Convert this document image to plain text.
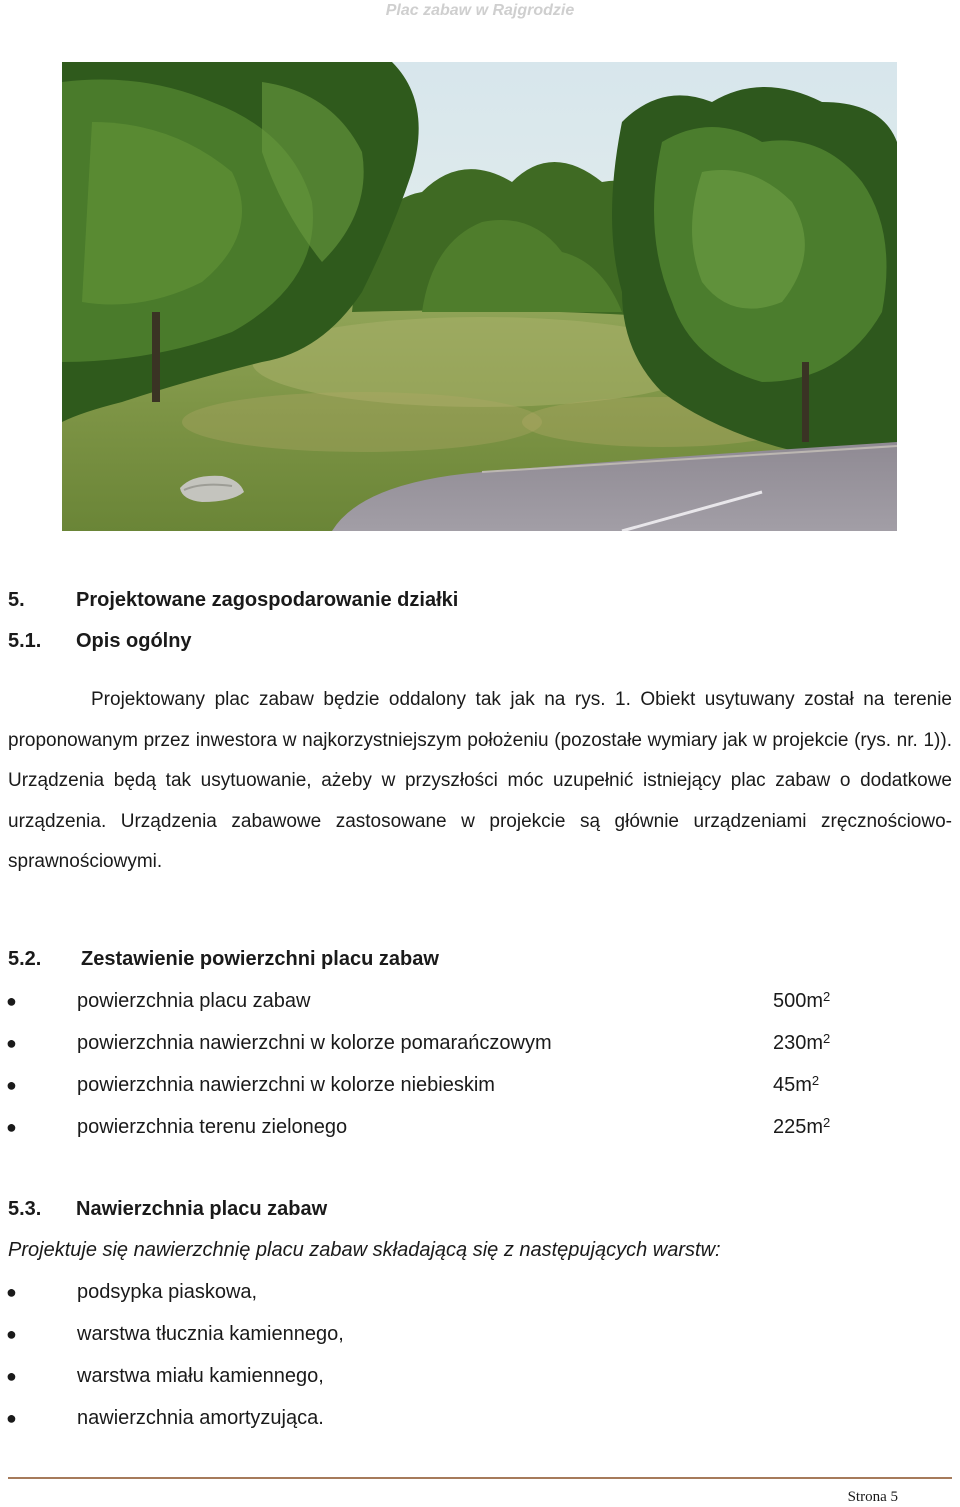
Plac zabaw w Rajgrodzie
5.	Projektowane zagospodarowanie działki
5.1. Opis ogólny
Projektowany plac zabaw będzie oddalony tak jak na rys. 1. Obiekt usytuwany został na terenie proponowanym przez inwestora w najkorzystniejszym położeniu (pozostałe wymiary jak w projekcie (rys. nr. 1)). Urządzenia będą tak usytuowanie, ażeby w przyszłości móc uzupełnić istniejący plac zabaw o dodatkowe urządzenia. Urządzenia zabawowe zastosowane w projekcie są głównie urządzeniami zręcznościowo-sprawnościowymi.
5.2. Zestawienie powierzchni placu zabaw
●	powierzchnia placu zabaw	$500m^2$
●	powierzchnia nawierzchni w kolorze pomarańczowym	$230m^2$
●	powierzchnia nawierzchni w kolorze niebieskim	$45m^2$
●	powierzchnia terenu zielonego	$225m^2$
5.3. Nawierzchnia placu zabaw
Projektuje się nawierzchnię placu zabaw składającą się z następujących warstw:
●	podsypka piaskowa,
●	warstwa tłucznia kamiennego,
●	warstwa miału kamiennego,
●	nawierzchnia amortyzująca.
Strona 5
